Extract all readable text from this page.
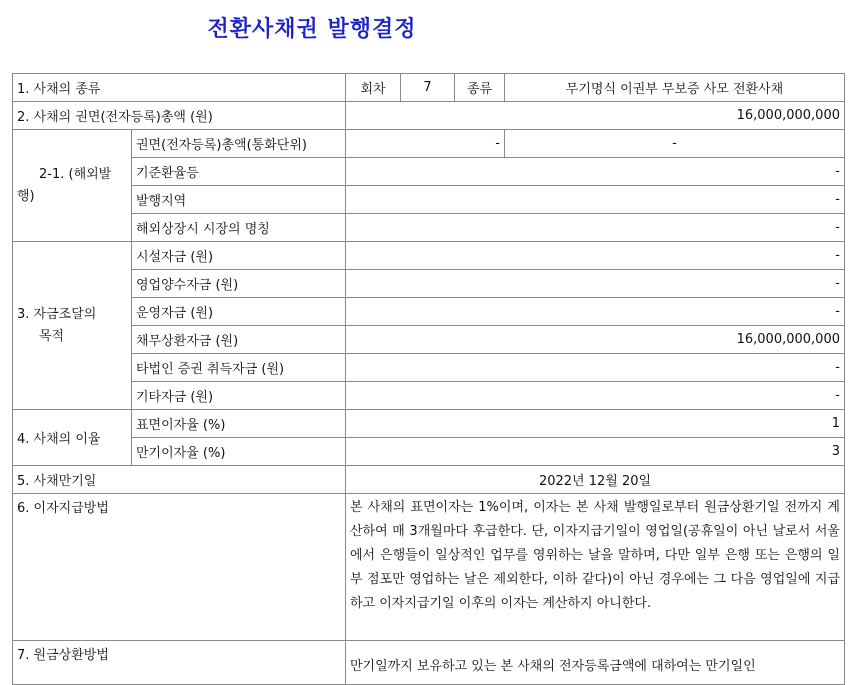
전환사채권 발행결정
1. 사채의 종류		회차	7	종류	무기명식 이권부 무보증 사모 전환사채
2. 사채의 권면(전자등록)총액 (원)		16,000,000,000			
2-1. (해외발
행)	권면(전자등록)총액(통화단위)	-			-
	기준환율등	-			
	발행지역	-			
	해외상장시 시장의 명칭	-			
3. 자금조달의
목적	시설자금 (원)	-			
	영업양수자금 (원)	-			
	운영자금 (원)	-			
	채무상환자금 (원)	16,000,000,000			
	타법인 증권 취득자금 (원)	-			
	기타자금 (원)	-			
4. 사채의 이율	표면이자율 (%)	1			
	만기이자율 (%)	3			
5. 사채만기일		2022년 12월 20일			
6. 이자지급방법		본 사채의 표면이자는 1%이며, 이자는 본 사채 발행일로부터 원금상환기일 전까지 계산하여 매 3개월마다 후급한다. 단, 이자지급기일이 영업일(공휴일이 아닌 날로서 서울에서 은행들이 일상적인 업무를 영위하는 날을 말하며, 다만 일부 은행 또는 은행의 일부 점포만 영업하는 날은 제외한다, 이하 같다)이 아닌 경우에는 그 다음 영업일에 지급하고 이자지급기일 이후의 이자는 계산하지 아니한다.			
7. 원금상환방법		만기일까지 보유하고 있는 본 사채의 전자등록금액에 대하여는 만기일인			
